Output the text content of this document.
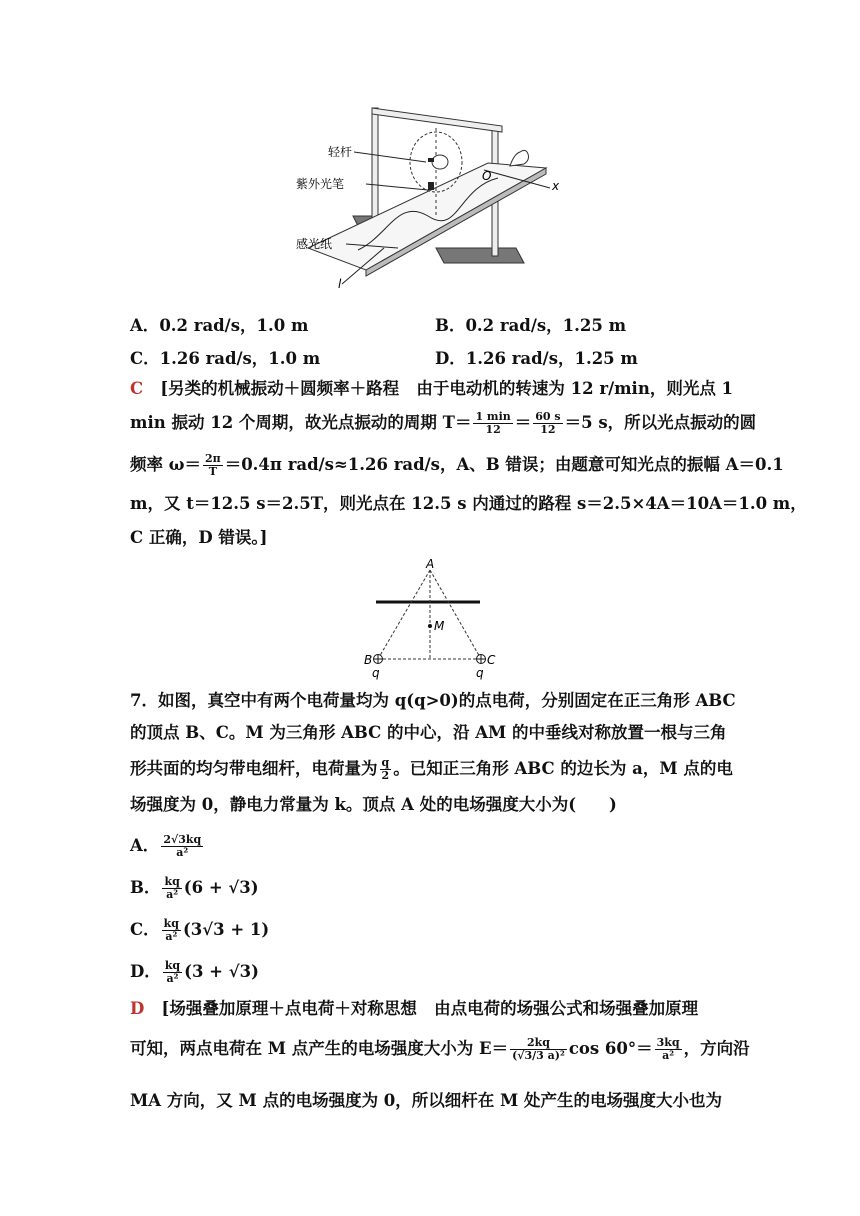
轻杆
紫外光笔
感光纸
O
x
l
A．0.2 rad/s，1.0 m	B．0.2 rad/s，1.25 m
C．1.26 rad/s，1.0 m	D．1.26 rad/s，1.25 m
C [另类的机械振动＋圆频率＋路程 由于电动机的转速为 12 r/min，则光点 1
min 振动 12 个周期，故光点振动的周期 $T= \frac{1 \min}{12} = \frac{60 s}{12} =5$ s，所以光点振动的圆
频率 $\omega= \frac{2\pi}{T} =0.4\pi$ rad/s≈1.26 rad/s，A、B 错误；由题意可知光点的振幅 A＝0.1
m，又 t＝12.5 s＝2.5T，则光点在 12.5 s 内通过的路程 s＝2.5×4A＝10A＝1.0 m，
C 正确，D 错误。]
A
M
B	C
q	q
7．如图，真空中有两个电荷量均为 q(q>0)的点电荷，分别固定在正三角形 ABC
的顶点 B、C。M 为三角形 ABC 的中心，沿 AM 的中垂线对称放置一根与三角
形共面的均匀带电细杆，电荷量为 $\frac{q}{2}$ 。已知正三角形 ABC 的边长为 a，M 点的电
场强度为 0，静电力常量为 k。顶点 A 处的电场强度大小为(　　)
A． $\frac{2√3kq}{\text{a²}}$
B． $\frac{kq}{\text{a²}} (6 + √3)$
C． $\frac{kq}{\text{a²}} (3√3 + 1)$
D． $\frac{kq}{\text{a²}} (3 + √3)$
D [场强叠加原理＋点电荷＋对称思想 由点电荷的场强公式和场强叠加原理
可知，两点电荷在 M 点产生的电场强度大小为 $E= \frac{2kq}{\text{(√3/3 a)²}}$ $\cos 60^\circ= \frac{3kq}{\text{a²}}$ ，方向沿
MA 方向，又 M 点的电场强度为 0，所以细杆在 M 处产生的电场强度大小也为
